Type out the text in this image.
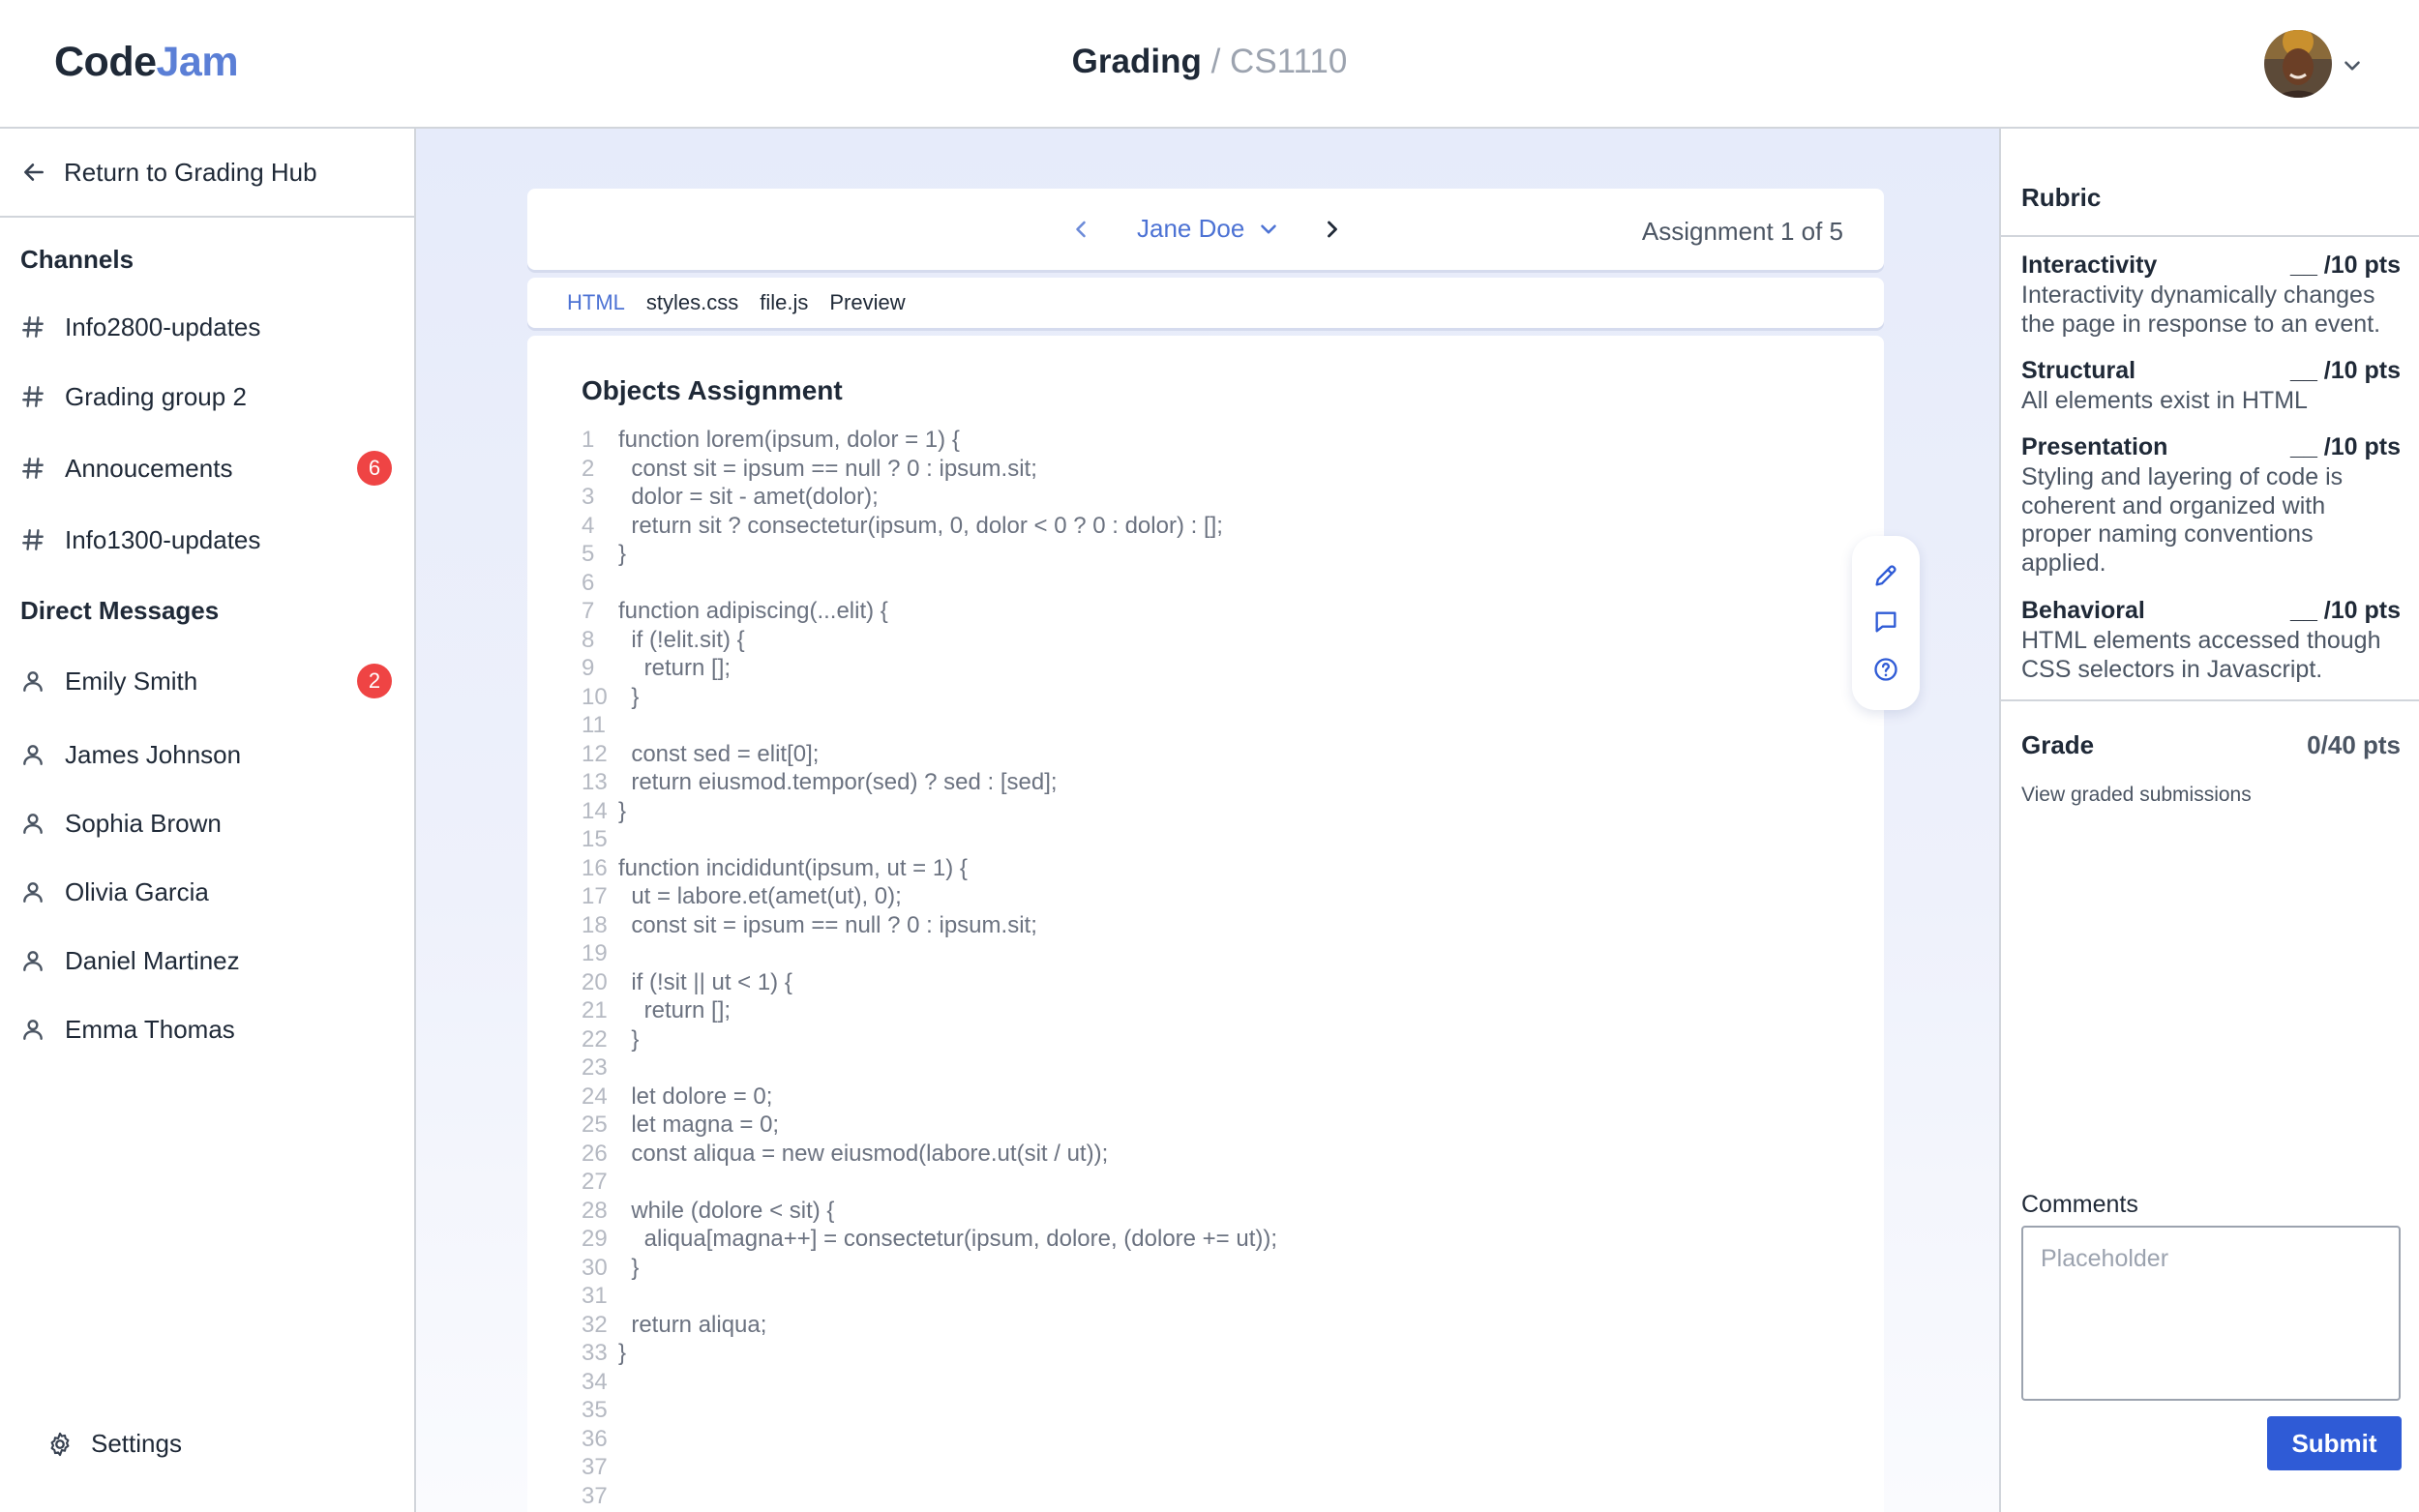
CodeJam	Grading / CS1110
Return to Grading Hub
Channels
Info2800-updates
Grading group 2
Annoucements	6
Info1300-updates
Direct Messages
Emily Smith	2
James Johnson
Sophia Brown
Olivia Garcia
Daniel Martinez
Emma Thomas
Settings
Jane Doe	Assignment 1 of 5
HTML styles.css file.js Preview
Objects Assignment
1	function lorem(ipsum, dolor = 1) {
2	const sit = ipsum == null ? 0 : ipsum.sit;
3	dolor = sit - amet(dolor);
4	return sit ? consectetur(ipsum, 0, dolor < 0 ? 0 : dolor) : [];
5	}
6
7	function adipiscing(...elit) {
8	if (!elit.sit) {
9	return [];
10 }
11
12 const sed = elit[0];
13 return eiusmod.tempor(sed) ? sed : [sed];
14 }
15
16 function incididunt(ipsum, ut = 1) {
17 ut = labore.et(amet(ut), 0);
18 const sit = ipsum == null ? 0 : ipsum.sit;
19
20 if (!sit || ut < 1) {
21 return [];
22 }
23
24 let dolore = 0;
25 let magna = 0;
26 const aliqua = new eiusmod(labore.ut(sit / ut));
27
28 while (dolore < sit) {
29 aliqua[magna++] = consectetur(ipsum, dolore, (dolore += ut));
30 }
31
32 return aliqua;
33 }
34
35
36
37
37
Rubric
Interactivity	__ /10 pts
Interactivity dynamically changes the page in response to an event.
Structural	__ /10 pts
All elements exist in HTML
Presentation	__ /10 pts
Styling and layering of code is coherent and organized with proper naming conventions applied.
Behavioral	__ /10 pts
HTML elements accessed though CSS selectors in Javascript.
Grade	0/40 pts
View graded submissions
Comments
Placeholder
Submit
